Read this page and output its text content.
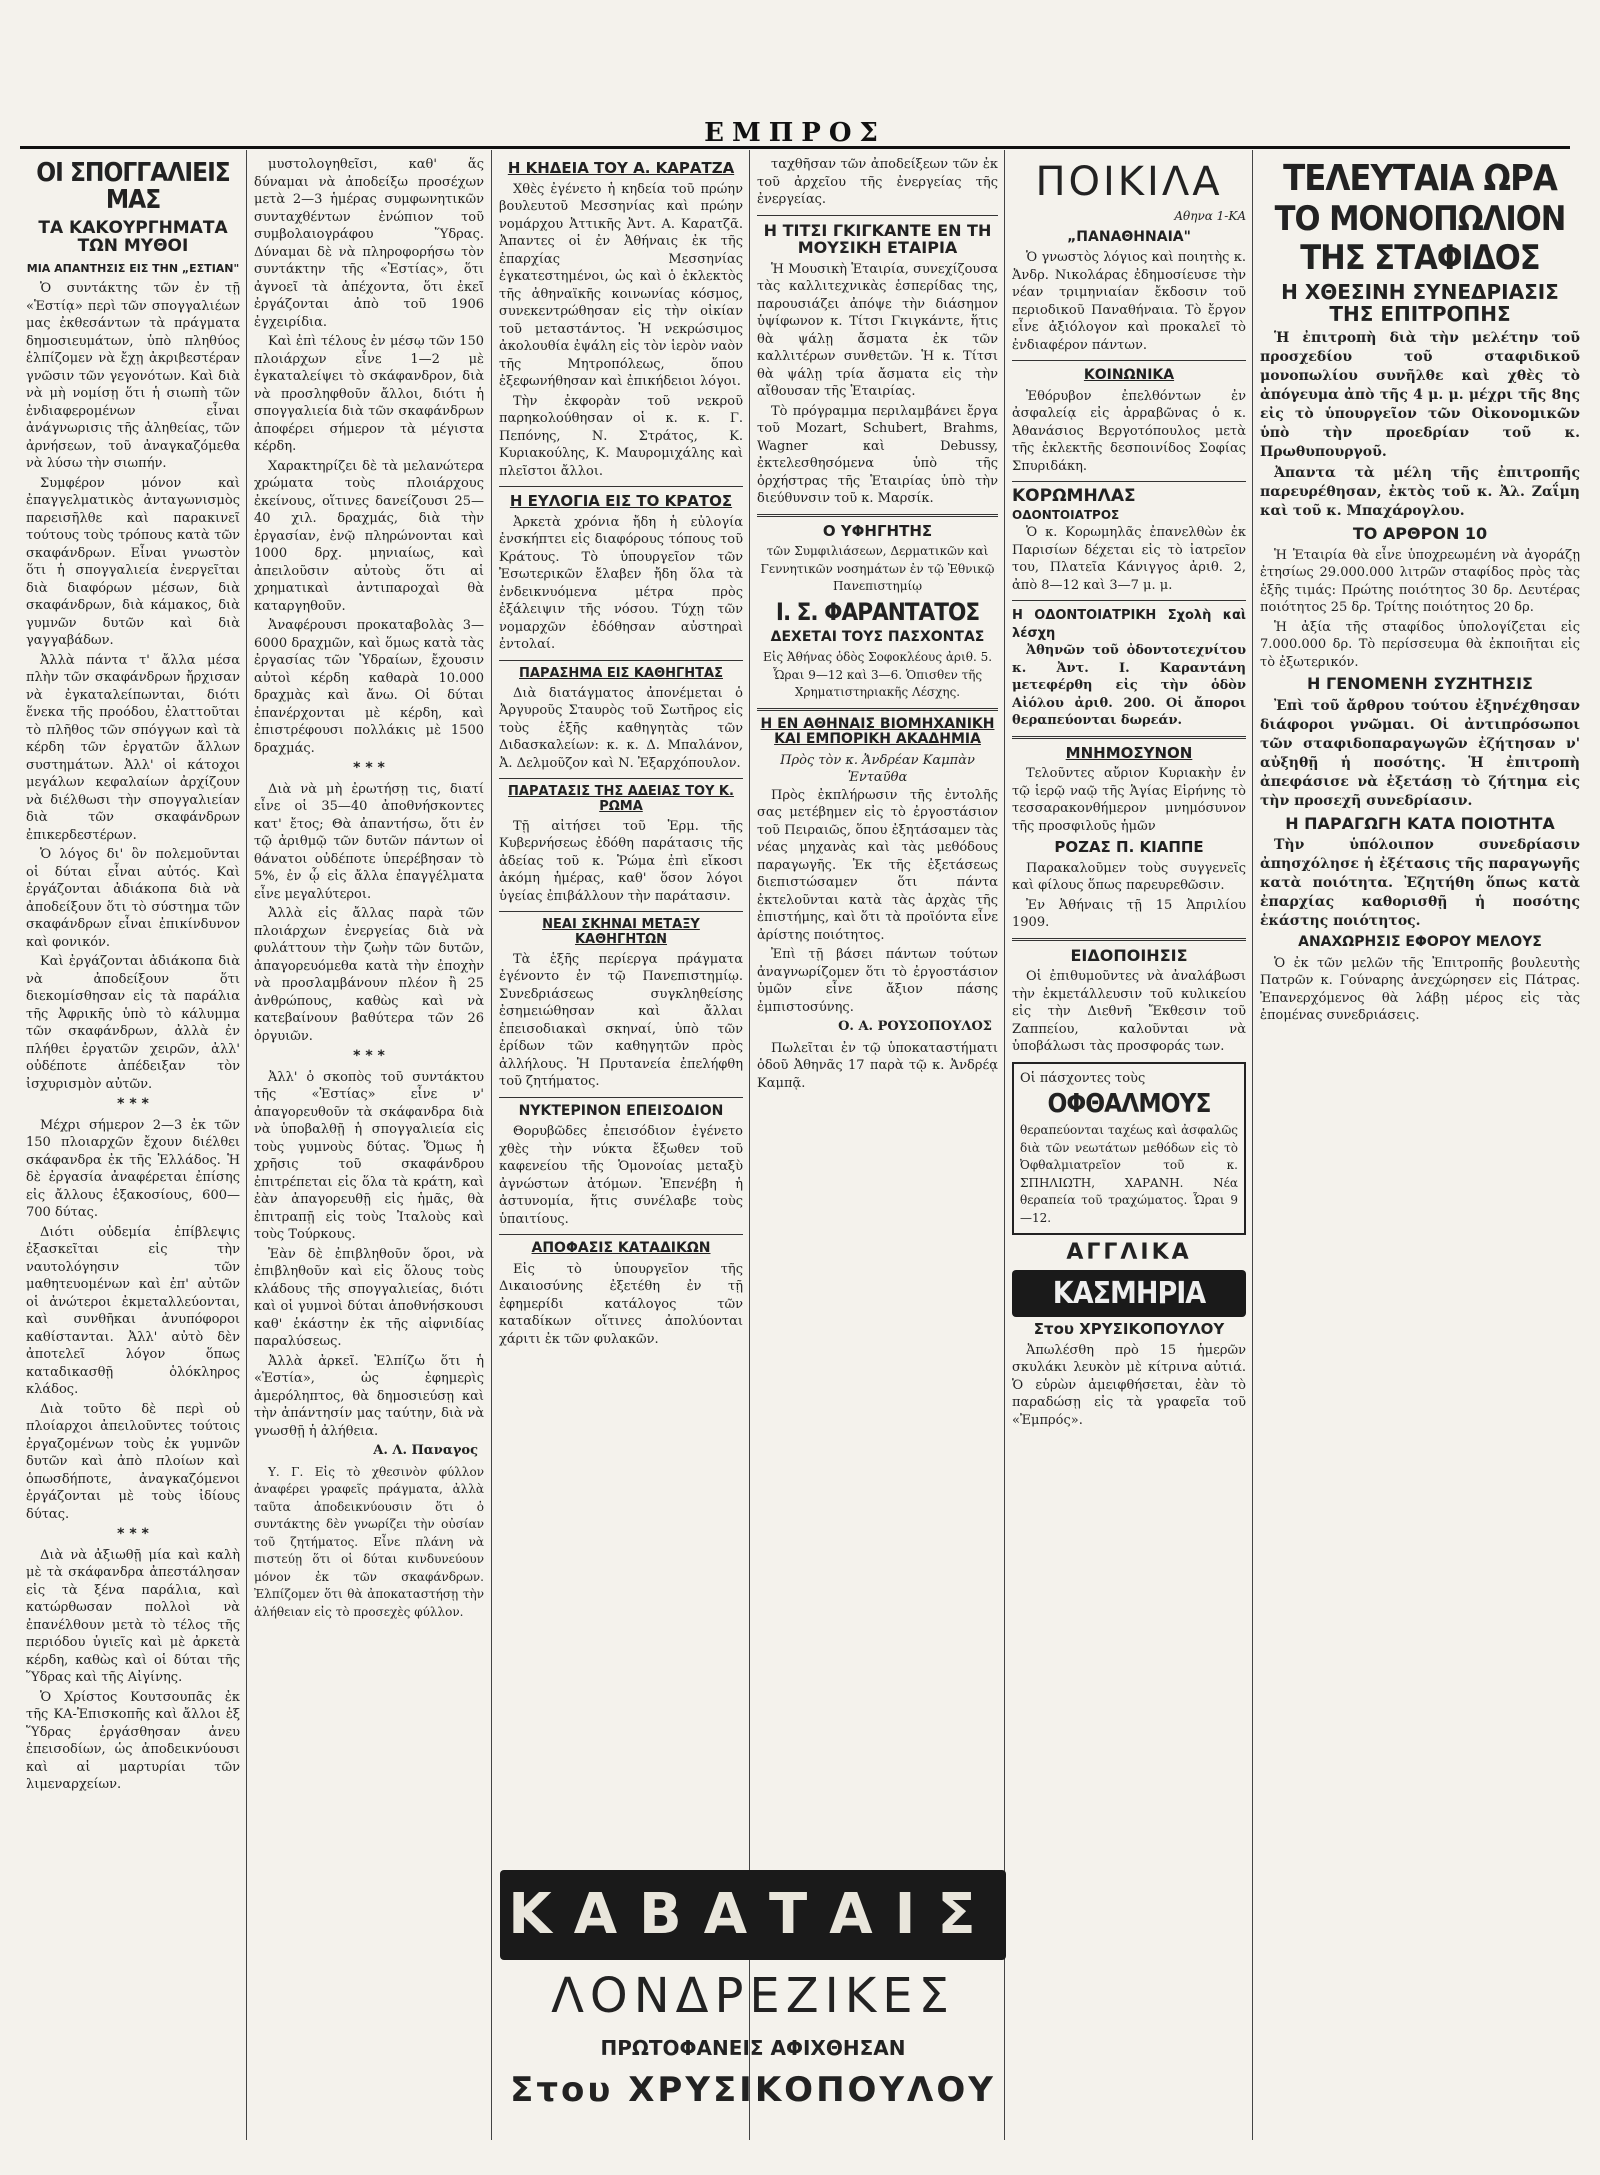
ΕΜΠΡΟΣ
ΟΙ ΣΠΟΓΓΑΛΙΕΙΣ ΜΑΣ
ΤΑ ΚΑΚΟΥΡΓΗΜΑΤΑ ΤΩΝ ΜΥΘΟΙ
ΜΙΑ ΑΠΑΝΤΗΣΙΣ ΕΙΣ ΤΗΝ „ΕΣΤΙΑΝ"

Ὁ συντάκτης τῶν ἐν τῇ «Ἑστίᾳ» περὶ τῶν σπογγαλιέων μας ἐκθεσάντων τὰ πράγματα δημοσιευμάτων, ὑπὸ πληθύος ἐλπίζομεν νὰ ἔχῃ ἀκριβεστέραν γνῶσιν τῶν γεγονότων. Καὶ διὰ νὰ μὴ νομίσῃ ὅτι ἡ σιωπὴ τῶν ἐνδιαφερομένων εἶναι ἀνάγνωρισις τῆς ἀληθείας, τῶν ἀρνήσεων, τοῦ ἀναγκαζόμεθα νὰ λύσω τὴν σιωπήν.

Συμφέρον μόνον καὶ ἐπαγγελματικὸς ἀνταγωνισμὸς παρεισῆλθε καὶ παρακινεῖ τούτους τοὺς τρόπους κατὰ τῶν σκαφάνδρων. Εἶναι γνωστὸν ὅτι ἡ σπογγαλιεία ἐνεργεῖται διὰ διαφόρων μέσων, διὰ σκαφάνδρων, διὰ κάμακος, διὰ γυμνῶν δυτῶν καὶ διὰ γαγγαβάδων.

Ἀλλὰ πάντα τ' ἄλλα μέσα πλὴν τῶν σκαφάνδρων ἤρχισαν νὰ ἐγκαταλείπωνται, διότι ἕνεκα τῆς προόδου, ἐλαττοῦται τὸ πλῆθος τῶν σπόγγων καὶ τὰ κέρδη τῶν ἐργατῶν ἄλλων συστημάτων. Ἀλλ' οἱ κάτοχοι μεγάλων κεφαλαίων ἀρχίζουν νὰ διέλθωσι τὴν σπογγαλιείαν διὰ τῶν σκαφάνδρων ἐπικερδεστέρων.

Ὁ λόγος δι' ὃν πολεμοῦνται οἱ δύται εἶναι αὐτός. Καὶ ἐργάζονται ἀδιάκοπα διὰ νὰ ἀποδείξουν ὅτι τὸ σύστημα τῶν σκαφάνδρων εἶναι ἐπικίνδυνον καὶ φονικόν.

Καὶ ἐργάζονται ἀδιάκοπα διὰ νὰ ἀποδείξουν ὅτι διεκομίσθησαν εἰς τὰ παράλια τῆς Ἀφρικῆς ὑπὸ τὸ κάλυμμα τῶν σκαφάνδρων, ἀλλὰ ἐν πλήθει ἐργατῶν χειρῶν, ἀλλ' οὐδέποτε ἀπέδειξαν τὸν ἰσχυρισμὸν αὐτῶν.

* * *

Μέχρι σήμερον 2—3 ἐκ τῶν 150 πλοιαρχῶν ἔχουν διέλθει σκάφανδρα ἐκ τῆς Ἑλλάδος. Ἡ δὲ ἐργασία ἀναφέρεται ἐπίσης εἰς ἄλλους ἑξακοσίους, 600—700 δύτας.

Διότι οὐδεμία ἐπίβλεψις ἐξασκεῖται εἰς τὴν ναυτολόγησιν τῶν μαθητευομένων καὶ ἐπ' αὐτῶν οἱ ἀνώτεροι ἐκμεταλλεύονται, καὶ συνθῆκαι ἀνυπόφοροι καθίστανται. Ἀλλ' αὐτὸ δὲν ἀποτελεῖ λόγον ὅπως καταδικασθῇ ὁλόκληρος κλάδος.

Διὰ τοῦτο δὲ περὶ οὐ πλοίαρχοι ἀπειλοῦντες τούτοις ἐργαζομένων τοὺς ἐκ γυμνῶν δυτῶν καὶ ἀπὸ πλοίων καὶ ὁπωσδήποτε, ἀναγκαζόμενοι ἐργάζονται μὲ τοὺς ἰδίους δύτας.

* * *

Διὰ νὰ ἀξιωθῇ μία καὶ καλὴ μὲ τὰ σκάφανδρα ἀπεστάλησαν εἰς τὰ ξένα παράλια, καὶ κατώρθωσαν πολλοὶ νὰ ἐπανέλθουν μετὰ τὸ τέλος τῆς περιόδου ὑγιεῖς καὶ μὲ ἀρκετὰ κέρδη, καθὼς καὶ οἱ δύται τῆς Ὕδρας καὶ τῆς Αἰγίνης.

Ὁ Χρίστος Κουτσουπᾶς ἐκ τῆς ΚΑ-Ἐπισκοπῆς καὶ ἄλλοι ἐξ Ὕδρας ἐργάσθησαν ἀνευ ἐπεισοδίων, ὡς ἀποδεικνύουσι καὶ αἱ μαρτυρίαι τῶν λιμεναρχείων.

μυστολογηθεῖσι, καθ' ἅς δύναμαι νὰ ἀποδείξω προσέχων μετὰ 2—3 ἡμέρας συμφωνητικῶν συνταχθέντων ἐνώπιον τοῦ συμβολαιογράφου Ὕδρας. Δύναμαι δὲ νὰ πληροφορήσω τὸν συντάκτην τῆς «Ἑστίας», ὅτι ἀγνοεῖ τὰ ἀπέχοντα, ὅτι ἐκεῖ ἐργάζονται ἀπὸ τοῦ 1906 ἐγχειρίδια.

Καὶ ἐπὶ τέλους ἐν μέσῳ τῶν 150 πλοιάρχων εἶνε 1—2 μὲ ἐγκαταλείψει τὸ σκάφανδρον, διὰ νὰ προσληφθοῦν ἄλλοι, διότι ἡ σπογγαλιεία διὰ τῶν σκαφάνδρων ἀποφέρει σήμερον τὰ μέγιστα κέρδη.

Χαρακτηρίζει δὲ τὰ μελανώτερα χρώματα τοὺς πλοιάρχους ἐκείνους, οἵτινες δανείζουσι 25—40 χιλ. δραχμάς, διὰ τὴν ἐργασίαν, ἐνῷ πληρώνονται καὶ 1000 δρχ. μηνιαίως, καὶ ἀπειλοῦσιν αὐτοὺς ὅτι αἱ χρηματικαὶ ἀντιπαροχαὶ θὰ καταργηθοῦν.

Ἀναφέρουσι προκαταβολὰς 3—6000 δραχμῶν, καὶ ὅμως κατὰ τὰς ἐργασίας τῶν Ὑδραίων, ἔχουσιν αὐτοὶ κέρδη καθαρὰ 10.000 δραχμὰς καὶ ἄνω. Οἱ δύται ἐπανέρχονται μὲ κέρδη, καὶ ἐπιστρέφουσι πολλάκις μὲ 1500 δραχμάς.

* * *

Διὰ νὰ μὴ ἐρωτήσῃ τις, διατί εἶνε οἱ 35—40 ἀποθνήσκοντες κατ' ἔτος; Θὰ ἀπαντήσω, ὅτι ἐν τῷ ἀριθμῷ τῶν δυτῶν πάντων οἱ θάνατοι οὐδέποτε ὑπερέβησαν τὸ 5%, ἐν ᾧ εἰς ἄλλα ἐπαγγέλματα εἶνε μεγαλύτεροι.

Ἀλλὰ εἰς ἄλλας παρὰ τῶν πλοιάρχων ἐνεργείας διὰ νὰ φυλάττουν τὴν ζωὴν τῶν δυτῶν, ἀπαγορευόμεθα κατὰ τὴν ἐποχὴν νὰ προσλαμβάνουν πλέον ἢ 25 ἀνθρώπους, καθὼς καὶ νὰ κατεβαίνουν βαθύτερα τῶν 26 ὀργυιῶν.

* * *

Ἀλλ' ὁ σκοπὸς τοῦ συντάκτου τῆς «Ἑστίας» εἶνε ν' ἀπαγορευθοῦν τὰ σκάφανδρα διὰ νὰ ὑποβαλθῇ ἡ σπογγαλιεία εἰς τοὺς γυμνοὺς δύτας. Ὅμως ἡ χρῆσις τοῦ σκαφάνδρου ἐπιτρέπεται εἰς ὅλα τὰ κράτη, καὶ ἐὰν ἀπαγορευθῇ εἰς ἡμᾶς, θὰ ἐπιτραπῇ εἰς τοὺς Ἰταλοὺς καὶ τοὺς Τούρκους.

Ἐὰν δὲ ἐπιβληθοῦν ὅροι, νὰ ἐπιβληθοῦν καὶ εἰς ὅλους τοὺς κλάδους τῆς σπογγαλιείας, διότι καὶ οἱ γυμνοὶ δύται ἀποθνήσκουσι καθ' ἑκάστην ἐκ τῆς αἰφνιδίας παραλύσεως.

Ἀλλὰ ἀρκεῖ. Ἐλπίζω ὅτι ἡ «Ἑστία», ὡς ἐφημερὶς ἀμερόληπτος, θὰ δημοσιεύσῃ καὶ τὴν ἀπάντησίν μας ταύτην, διὰ νὰ γνωσθῇ ἡ ἀλήθεια.

Α. Λ. Παναγος

Υ. Γ. Εἰς τὸ χθεσινὸν φύλλον ἀναφέρει γραφεῖς πράγματα, ἀλλὰ ταῦτα ἀποδεικνύουσιν ὅτι ὁ συντάκτης δὲν γνωρίζει τὴν οὐσίαν τοῦ ζητήματος. Εἶνε πλάνη νὰ πιστεύῃ ὅτι οἱ δύται κινδυνεύουν μόνον ἐκ τῶν σκαφάνδρων. Ἐλπίζομεν ὅτι θὰ ἀποκαταστήσῃ τὴν ἀλήθειαν εἰς τὸ προσεχὲς φύλλον.

Η ΚΗΔΕΙΑ ΤΟΥ Α. ΚΑΡΑΤΖΑ

Χθὲς ἐγένετο ἡ κηδεία τοῦ πρώην βουλευτοῦ Μεσσηνίας καὶ πρώην νομάρχου Ἀττικῆς Ἀντ. Α. Καρατζᾶ. Ἀπαντες οἱ ἐν Ἀθήναις ἐκ τῆς ἐπαρχίας Μεσσηνίας ἐγκατεστημένοι, ὡς καὶ ὁ ἐκλεκτὸς τῆς ἀθηναϊκῆς κοινωνίας κόσμος, συνεκεντρώθησαν εἰς τὴν οἰκίαν τοῦ μεταστάντος. Ἡ νεκρώσιμος ἀκολουθία ἐψάλη εἰς τὸν ἱερὸν ναὸν τῆς Μητροπόλεως, ὅπου ἐξεφωνήθησαν καὶ ἐπικήδειοι λόγοι.

Τὴν ἐκφορὰν τοῦ νεκροῦ παρηκολούθησαν οἱ κ. κ. Γ. Πεπόνης, Ν. Στράτος, Κ. Κυριακούλης, Κ. Μαυρομιχάλης καὶ πλεῖστοι ἄλλοι.

Η ΕΥΛΟΓΙΑ ΕΙΣ ΤΟ ΚΡΑΤΟΣ

Ἀρκετὰ χρόνια ἤδη ἡ εὐλογία ἐνσκήπτει εἰς διαφόρους τόπους τοῦ Κράτους. Τὸ ὑπουργεῖον τῶν Ἐσωτερικῶν ἔλαβεν ἤδη ὅλα τὰ ἐνδεικνυόμενα μέτρα πρὸς ἐξάλειψιν τῆς νόσου. Τύχῃ τῶν νομαρχῶν ἐδόθησαν αὐστηραὶ ἐντολαί.

ΠΑΡΑΣΗΜΑ ΕΙΣ ΚΑΘΗΓΗΤΑΣ

Διὰ διατάγματος ἀπονέμεται ὁ Ἀργυροῦς Σταυρὸς τοῦ Σωτῆρος εἰς τοὺς ἑξῆς καθηγητὰς τῶν Διδασκαλείων: κ. κ. Δ. Μπαλάνον, Ἀ. Δελμοῦζον καὶ Ν. Ἐξαρχόπουλον.

ΠΑΡΑΤΑΣΙΣ ΤΗΣ ΑΔΕΙΑΣ ΤΟΥ Κ. ΡΩΜΑ

Τῇ αἰτήσει τοῦ Ἑρμ. τῆς Κυβερνήσεως ἐδόθη παράτασις τῆς ἀδείας τοῦ κ. Ῥώμα ἐπὶ εἴκοσι ἀκόμη ἡμέρας, καθ' ὅσον λόγοι ὑγείας ἐπιβάλλουν τὴν παράτασιν.

ΝΕΑΙ ΣΚΗΝΑΙ ΜΕΤΑΞΥ ΚΑΘΗΓΗΤΩΝ

Τὰ ἑξῆς περίεργα πράγματα ἐγένοντο ἐν τῷ Πανεπιστημίῳ. Συνεδριάσεως συγκληθείσης ἐσημειώθησαν καὶ ἄλλαι ἐπεισοδιακαὶ σκηναί, ὑπὸ τῶν ἐρίδων τῶν καθηγητῶν πρὸς ἀλλήλους. Ἡ Πρυτανεία ἐπελήφθη τοῦ ζητήματος.

ΝΥΚΤΕΡΙΝΟΝ ΕΠΕΙΣΟΔΙΟΝ

Θορυβῶδες ἐπεισόδιον ἐγένετο χθὲς τὴν νύκτα ἔξωθεν τοῦ καφενείου τῆς Ὁμονοίας μεταξὺ ἀγνώστων ἀτόμων. Ἐπενέβη ἡ ἀστυνομία, ἥτις συνέλαβε τοὺς ὑπαιτίους.

ΑΠΟΦΑΣΙΣ ΚΑΤΑΔΙΚΩΝ

Εἰς τὸ ὑπουργεῖον τῆς Δικαιοσύνης ἐξετέθη ἐν τῇ ἐφημερίδι κατάλογος τῶν καταδίκων οἵτινες ἀπολύονται χάριτι ἐκ τῶν φυλακῶν.

ταχθῆσαν τῶν ἀποδείξεων τῶν ἐκ τοῦ ἀρχεῖου τῆς ἐνεργείας τῆς ἐνεργείας.

Η ΤΙΤΣΙ ΓΚΙΓΚΑΝΤΕ ΕΝ ΤΗ ΜΟΥΣΙΚΗ ΕΤΑΙΡΙΑ

Ἡ Μουσικὴ Ἑταιρία, συνεχίζουσα τὰς καλλιτεχνικὰς ἑσπερίδας της, παρουσιάζει ἀπόψε τὴν διάσημον ὑψίφωνον κ. Τίτσι Γκιγκάντε, ἥτις θὰ ψάλῃ ἄσματα ἐκ τῶν καλλιτέρων συνθετῶν. Ἡ κ. Τίτσι θὰ ψάλῃ τρία ἄσματα εἰς τὴν αἴθουσαν τῆς Ἑταιρίας.

Τὸ πρόγραμμα περιλαμβάνει ἔργα τοῦ Mozart, Schubert, Brahms, Wagner καὶ Debussy, ἐκτελεσθησόμενα ὑπὸ τῆς ὀρχήστρας τῆς Ἑταιρίας ὑπὸ τὴν διεύθυνσιν τοῦ κ. Μαρσίκ.

Ο ΥΦΗΓΗΤΗΣ
τῶν Συμφιλιάσεων, Δερματικῶν καὶ Γεννητικῶν νοσημάτων ἐν τῷ Ἐθνικῷ Πανεπιστημίῳ
Ι. Σ. ΦΑΡΑΝΤΑΤΟΣ
ΔΕΧΕΤΑΙ ΤΟΥΣ ΠΑΣΧΟΝΤΑΣ
Εἰς Ἀθήνας ὁδὸς Σοφοκλέους ἀριθ. 5. Ὧραι 9—12 καὶ 3—6. Ὁπισθεν τῆς Χρηματιστηριακῆς Λέσχης.
Η ΕΝ ΑΘΗΝΑΙΣ ΒΙΟΜΗΧΑΝΙΚΗ ΚΑΙ ΕΜΠΟΡΙΚΗ ΑΚΑΔΗΜΙΑ
Πρὸς τὸν κ. Ἀνδρέαν Καμπὰν Ἐνταῦθα

Πρὸς ἐκπλήρωσιν τῆς ἐντολῆς σας μετέβημεν εἰς τὸ ἐργοστάσιον τοῦ Πειραιῶς, ὅπου ἐξητάσαμεν τὰς νέας μηχανὰς καὶ τὰς μεθόδους παραγωγῆς. Ἐκ τῆς ἐξετάσεως διεπιστώσαμεν ὅτι πάντα ἐκτελοῦνται κατὰ τὰς ἀρχὰς τῆς ἐπιστήμης, καὶ ὅτι τὰ προϊόντα εἶνε ἀρίστης ποιότητος.

Ἐπὶ τῇ βάσει πάντων τούτων ἀναγνωρίζομεν ὅτι τὸ ἐργοστάσιον ὑμῶν εἶνε ἄξιον πάσης ἐμπιστοσύνης.

Ο. Α. ΡΟΥΣΟΠΟΥΛΟΣ

Πωλεῖται ἐν τῷ ὑποκαταστήματι ὁδοῦ Ἀθηνᾶς 17 παρὰ τῷ κ. Ἀνδρέᾳ Καμπᾷ.

ΚΑΒΑΤΑΙΣ
ΛΟΝΔΡΕΖΙΚΕΣ
ΠΡΩΤΟΦΑΝΕΙΣ ΑΦΙΧΘΗΣΑΝ
Στου ΧΡΥΣΙΚΟΠΟΥΛΟΥ
ΠΟΙΚΙΛΑ
Αθηνα 1-ΚΑ
„ΠΑΝΑΘΗΝΑΙΑ"

Ὁ γνωστὸς λόγιος καὶ ποιητὴς κ. Ἀνδρ. Νικολάρας ἐδημοσίευσε τὴν νέαν τριμηνιαίαν ἔκδοσιν τοῦ περιοδικοῦ Παναθήναια. Τὸ ἔργον εἶνε ἀξιόλογον καὶ προκαλεῖ τὸ ἐνδιαφέρον πάντων.

ΚΟΙΝΩΝΙΚΑ

Ἐθόρυβον ἐπελθόντων ἐν ἀσφαλείᾳ εἰς ἀρραβῶνας ὁ κ. Ἀθανάσιος Βεργοτόπουλος μετὰ τῆς ἐκλεκτῆς δεσποινίδος Σοφίας Σπυριδάκη.

ΚΟΡΩΜΗΛΑΣ ΟΔΟΝΤΟΙΑΤΡΟΣ

Ὁ κ. Κορωμηλᾶς ἐπανελθὼν ἐκ Παρισίων δέχεται εἰς τὸ ἰατρεῖον του, Πλατεῖα Κάνιγγος ἀριθ. 2, ἀπὸ 8—12 καὶ 3—7 μ. μ.

Η ΟΔΟΝΤΟΙΑΤΡΙΚΗ Σχολὴ καὶ λέσχη

Ἀθηνῶν τοῦ ὀδοντοτεχνίτου κ. Ἀντ. Ι. Καραντάνη μετεφέρθη εἰς τὴν ὁδὸν Αἰόλου ἀριθ. 200. Οἱ ἄποροι θεραπεύονται δωρεάν.

ΜΝΗΜΟΣΥΝΟΝ

Τελοῦντες αὔριον Κυριακὴν ἐν τῷ ἱερῷ ναῷ τῆς Ἁγίας Εἰρήνης τὸ τεσσαρακονθήμερον μνημόσυνον τῆς προσφιλοῦς ἡμῶν

ΡΟΖΑΣ Π. ΚΙΑΠΠΕ

Παρακαλοῦμεν τοὺς συγγενεῖς καὶ φίλους ὅπως παρευρεθῶσιν.

Ἐν Ἀθήναις τῇ 15 Ἀπριλίου 1909.

ΕΙΔΟΠΟΙΗΣΙΣ

Οἱ ἐπιθυμοῦντες νὰ ἀναλάβωσι τὴν ἐκμετάλλευσιν τοῦ κυλικείου εἰς τὴν Διεθνῆ Ἔκθεσιν τοῦ Ζαππείου, καλοῦνται νὰ ὑποβάλωσι τὰς προσφοράς των.

Οἱ πάσχοντες τοὺς
ΟΦΘΑΛΜΟΥΣ
θεραπεύονται ταχέως καὶ ἀσφαλῶς διὰ τῶν νεωτάτων μεθόδων εἰς τὸ Ὀφθαλμιατρεῖον τοῦ κ. ΣΠΗΛΙΩΤΗ, ΧΑΡΑΝΗ. Νέα θεραπεία τοῦ τραχώματος. Ὧραι 9—12.
ΑΓΓΛΙΚΑ
ΚΑΣΜΗΡΙΑ
Στου ΧΡΥΣΙΚΟΠΟΥΛΟΥ

Ἀπωλέσθη πρὸ 15 ἡμερῶν σκυλάκι λευκὸν μὲ κίτρινα αὐτιά. Ὁ εὑρὼν ἀμειφθήσεται, ἐὰν τὸ παραδώσῃ εἰς τὰ γραφεῖα τοῦ «Ἐμπρός».

ΤΕΛΕΥΤΑΙΑ ΩΡΑ
ΤΟ ΜΟΝΟΠΩΛΙΟΝ
ΤΗΣ ΣΤΑΦΙΔΟΣ
Η ΧΘΕΣΙΝΗ ΣΥΝΕΔΡΙΑΣΙΣ ΤΗΣ ΕΠΙΤΡΟΠΗΣ

Ἡ ἐπιτροπὴ διὰ τὴν μελέτην τοῦ προσχεδίου τοῦ σταφιδικοῦ μονοπωλίου συνῆλθε καὶ χθὲς τὸ ἀπόγευμα ἀπὸ τῆς 4 μ. μ. μέχρι τῆς 8ης εἰς τὸ ὑπουργεῖον τῶν Οἰκονομικῶν ὑπὸ τὴν προεδρίαν τοῦ κ. Πρωθυπουργοῦ.

Ἀπαντα τὰ μέλη τῆς ἐπιτροπῆς παρευρέθησαν, ἐκτὸς τοῦ κ. Ἀλ. Ζαΐμη καὶ τοῦ κ. Μπαχάρογλου.

ΤΟ ΑΡΘΡΟΝ 10

Ἡ Ἑταιρία θὰ εἶνε ὑποχρεωμένη νὰ ἀγοράζῃ ἐτησίως 29.000.000 λιτρῶν σταφίδος πρὸς τὰς ἑξῆς τιμάς: Πρώτης ποιότητος 30 δρ. Δευτέρας ποιότητος 25 δρ. Τρίτης ποιότητος 20 δρ.

Ἡ ἀξία τῆς σταφίδος ὑπολογίζεται εἰς 7.000.000 δρ. Τὸ περίσσευμα θὰ ἐκποιῆται εἰς τὸ ἐξωτερικόν.

Η ΓΕΝΟΜΕΝΗ ΣΥΖΗΤΗΣΙΣ

Ἐπὶ τοῦ ἄρθρου τούτου ἐξηνέχθησαν διάφοροι γνῶμαι. Οἱ ἀντιπρόσωποι τῶν σταφιδοπαραγωγῶν ἐζήτησαν ν' αὐξηθῇ ἡ ποσότης. Ἡ ἐπιτροπὴ ἀπεφάσισε νὰ ἐξετάσῃ τὸ ζήτημα εἰς τὴν προσεχῆ συνεδρίασιν.

Η ΠΑΡΑΓΩΓΗ ΚΑΤΑ ΠΟΙΟΤΗΤΑ

Τὴν ὑπόλοιπον συνεδρίασιν ἀπησχόλησε ἡ ἐξέτασις τῆς παραγωγῆς κατὰ ποιότητα. Ἐζητήθη ὅπως κατὰ ἐπαρχίας καθορισθῇ ἡ ποσότης ἑκάστης ποιότητος.

ΑΝΑΧΩΡΗΣΙΣ ΕΦΟΡΟΥ ΜΕΛΟΥΣ

Ὁ ἐκ τῶν μελῶν τῆς Ἐπιτροπῆς βουλευτὴς Πατρῶν κ. Γούναρης ἀνεχώρησεν εἰς Πάτρας. Ἐπανερχόμενος θὰ λάβῃ μέρος εἰς τὰς ἑπομένας συνεδριάσεις.
